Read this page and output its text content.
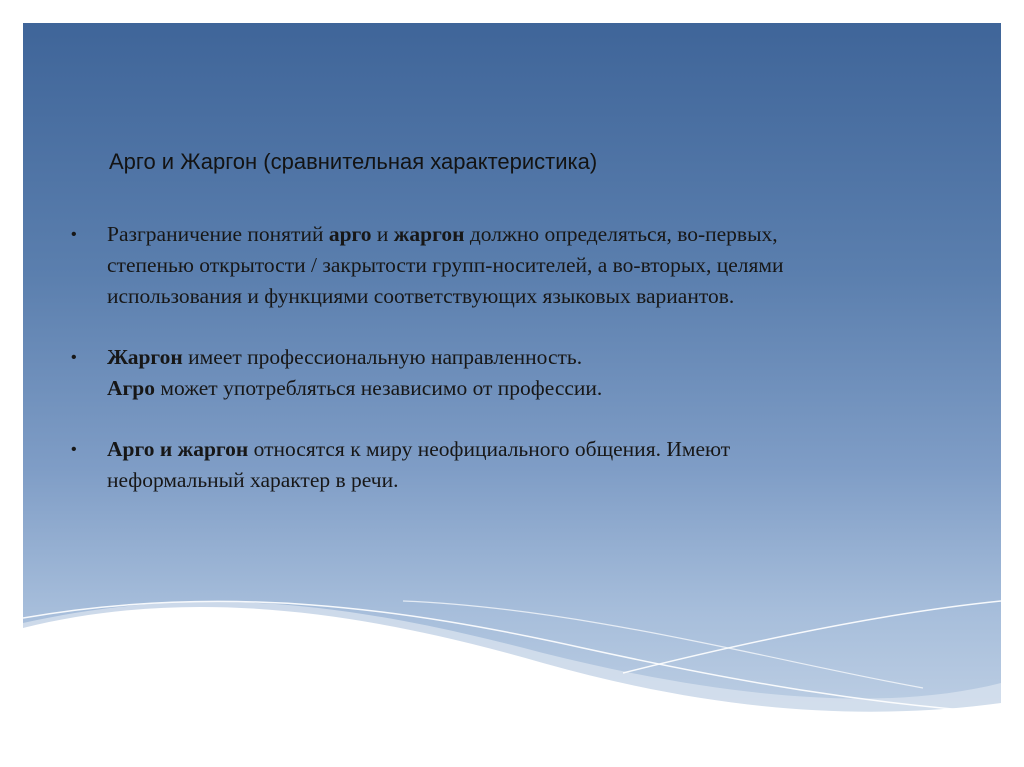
Арго и Жаргон (сравнительная характеристика)
• Разграничение понятий арго и жаргон должно определяться, во-первых,
степенью открытости / закрытости групп-носителей, а во-вторых, целями
использования и функциями соответствующих языковых вариантов.
• Жаргон имеет профессиональную направленность.
Агро может употребляться независимо от профессии.
• Арго и жаргон относятся к миру неофициального общения. Имеют
неформальный характер в речи.
